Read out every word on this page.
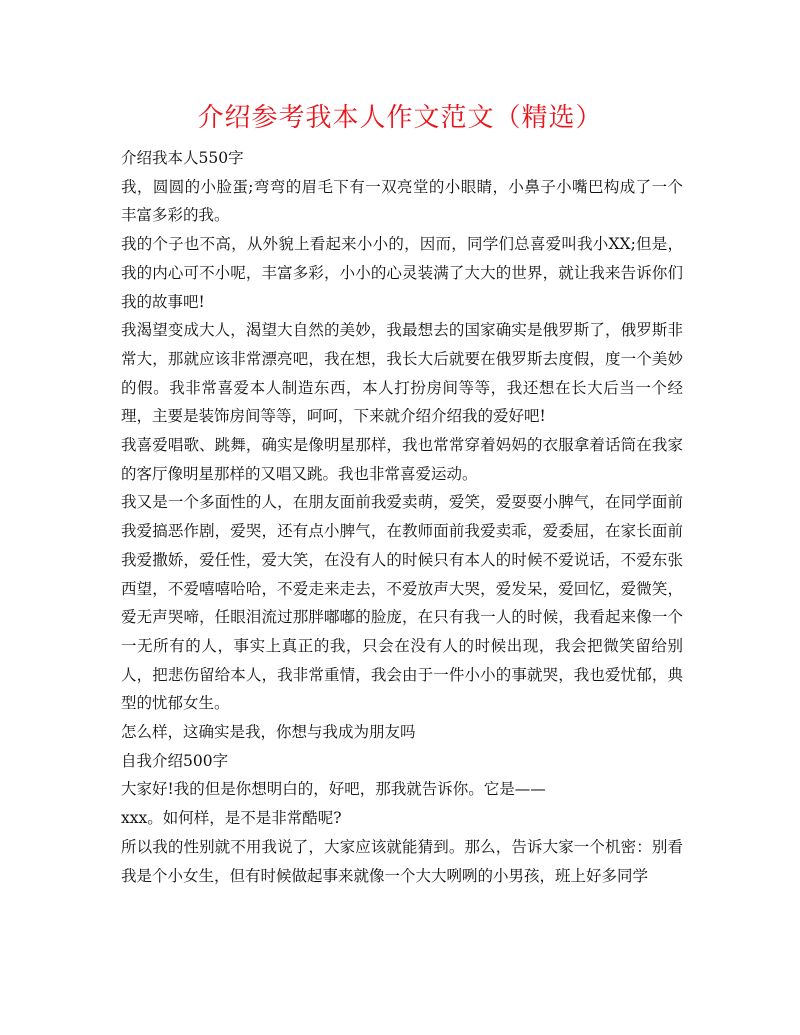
介绍参考我本人作文范文（精选）

介绍我本人550字

我，圆圆的小脸蛋;弯弯的眉毛下有一双亮堂的小眼睛，小鼻子小嘴巴构成了一个丰富多彩的我。

我的个子也不高，从外貌上看起来小小的，因而，同学们总喜爱叫我小XX;但是，我的内心可不小呢，丰富多彩，小小的心灵装满了大大的世界，就让我来告诉你们我的故事吧!

我渴望变成大人，渴望大自然的美妙，我最想去的国家确实是俄罗斯了，俄罗斯非常大，那就应该非常漂亮吧，我在想，我长大后就要在俄罗斯去度假，度一个美妙的假。我非常喜爱本人制造东西，本人打扮房间等等，我还想在长大后当一个经理，主要是装饰房间等等，呵呵，下来就介绍介绍我的爱好吧!

我喜爱唱歌、跳舞，确实是像明星那样，我也常常穿着妈妈的衣服拿着话筒在我家的客厅像明星那样的又唱又跳。我也非常喜爱运动。

我又是一个多面性的人，在朋友面前我爱卖萌，爱笑，爱耍耍小脾气，在同学面前我爱搞恶作剧，爱哭，还有点小脾气，在教师面前我爱卖乖，爱委屈，在家长面前我爱撒娇，爱任性，爱大笑，在没有人的时候只有本人的时候不爱说话，不爱东张西望，不爱嘻嘻哈哈，不爱走来走去，不爱放声大哭，爱发呆，爱回忆，爱微笑，爱无声哭啼，任眼泪流过那胖嘟嘟的脸庞，在只有我一人的时候，我看起来像一个一无所有的人，事实上真正的我，只会在没有人的时候出现，我会把微笑留给别人，把悲伤留给本人，我非常重情，我会由于一件小小的事就哭，我也爱忧郁，典型的忧郁女生。

怎么样，这确实是我，你想与我成为朋友吗

自我介绍500字

大家好!我的但是你想明白的，好吧，那我就告诉你。它是——

xxx。如何样，是不是非常酷呢?

所以我的性别就不用我说了，大家应该就能猜到。那么，告诉大家一个机密：别看我是个小女生，但有时候做起事来就像一个大大咧咧的小男孩，班上好多同学
